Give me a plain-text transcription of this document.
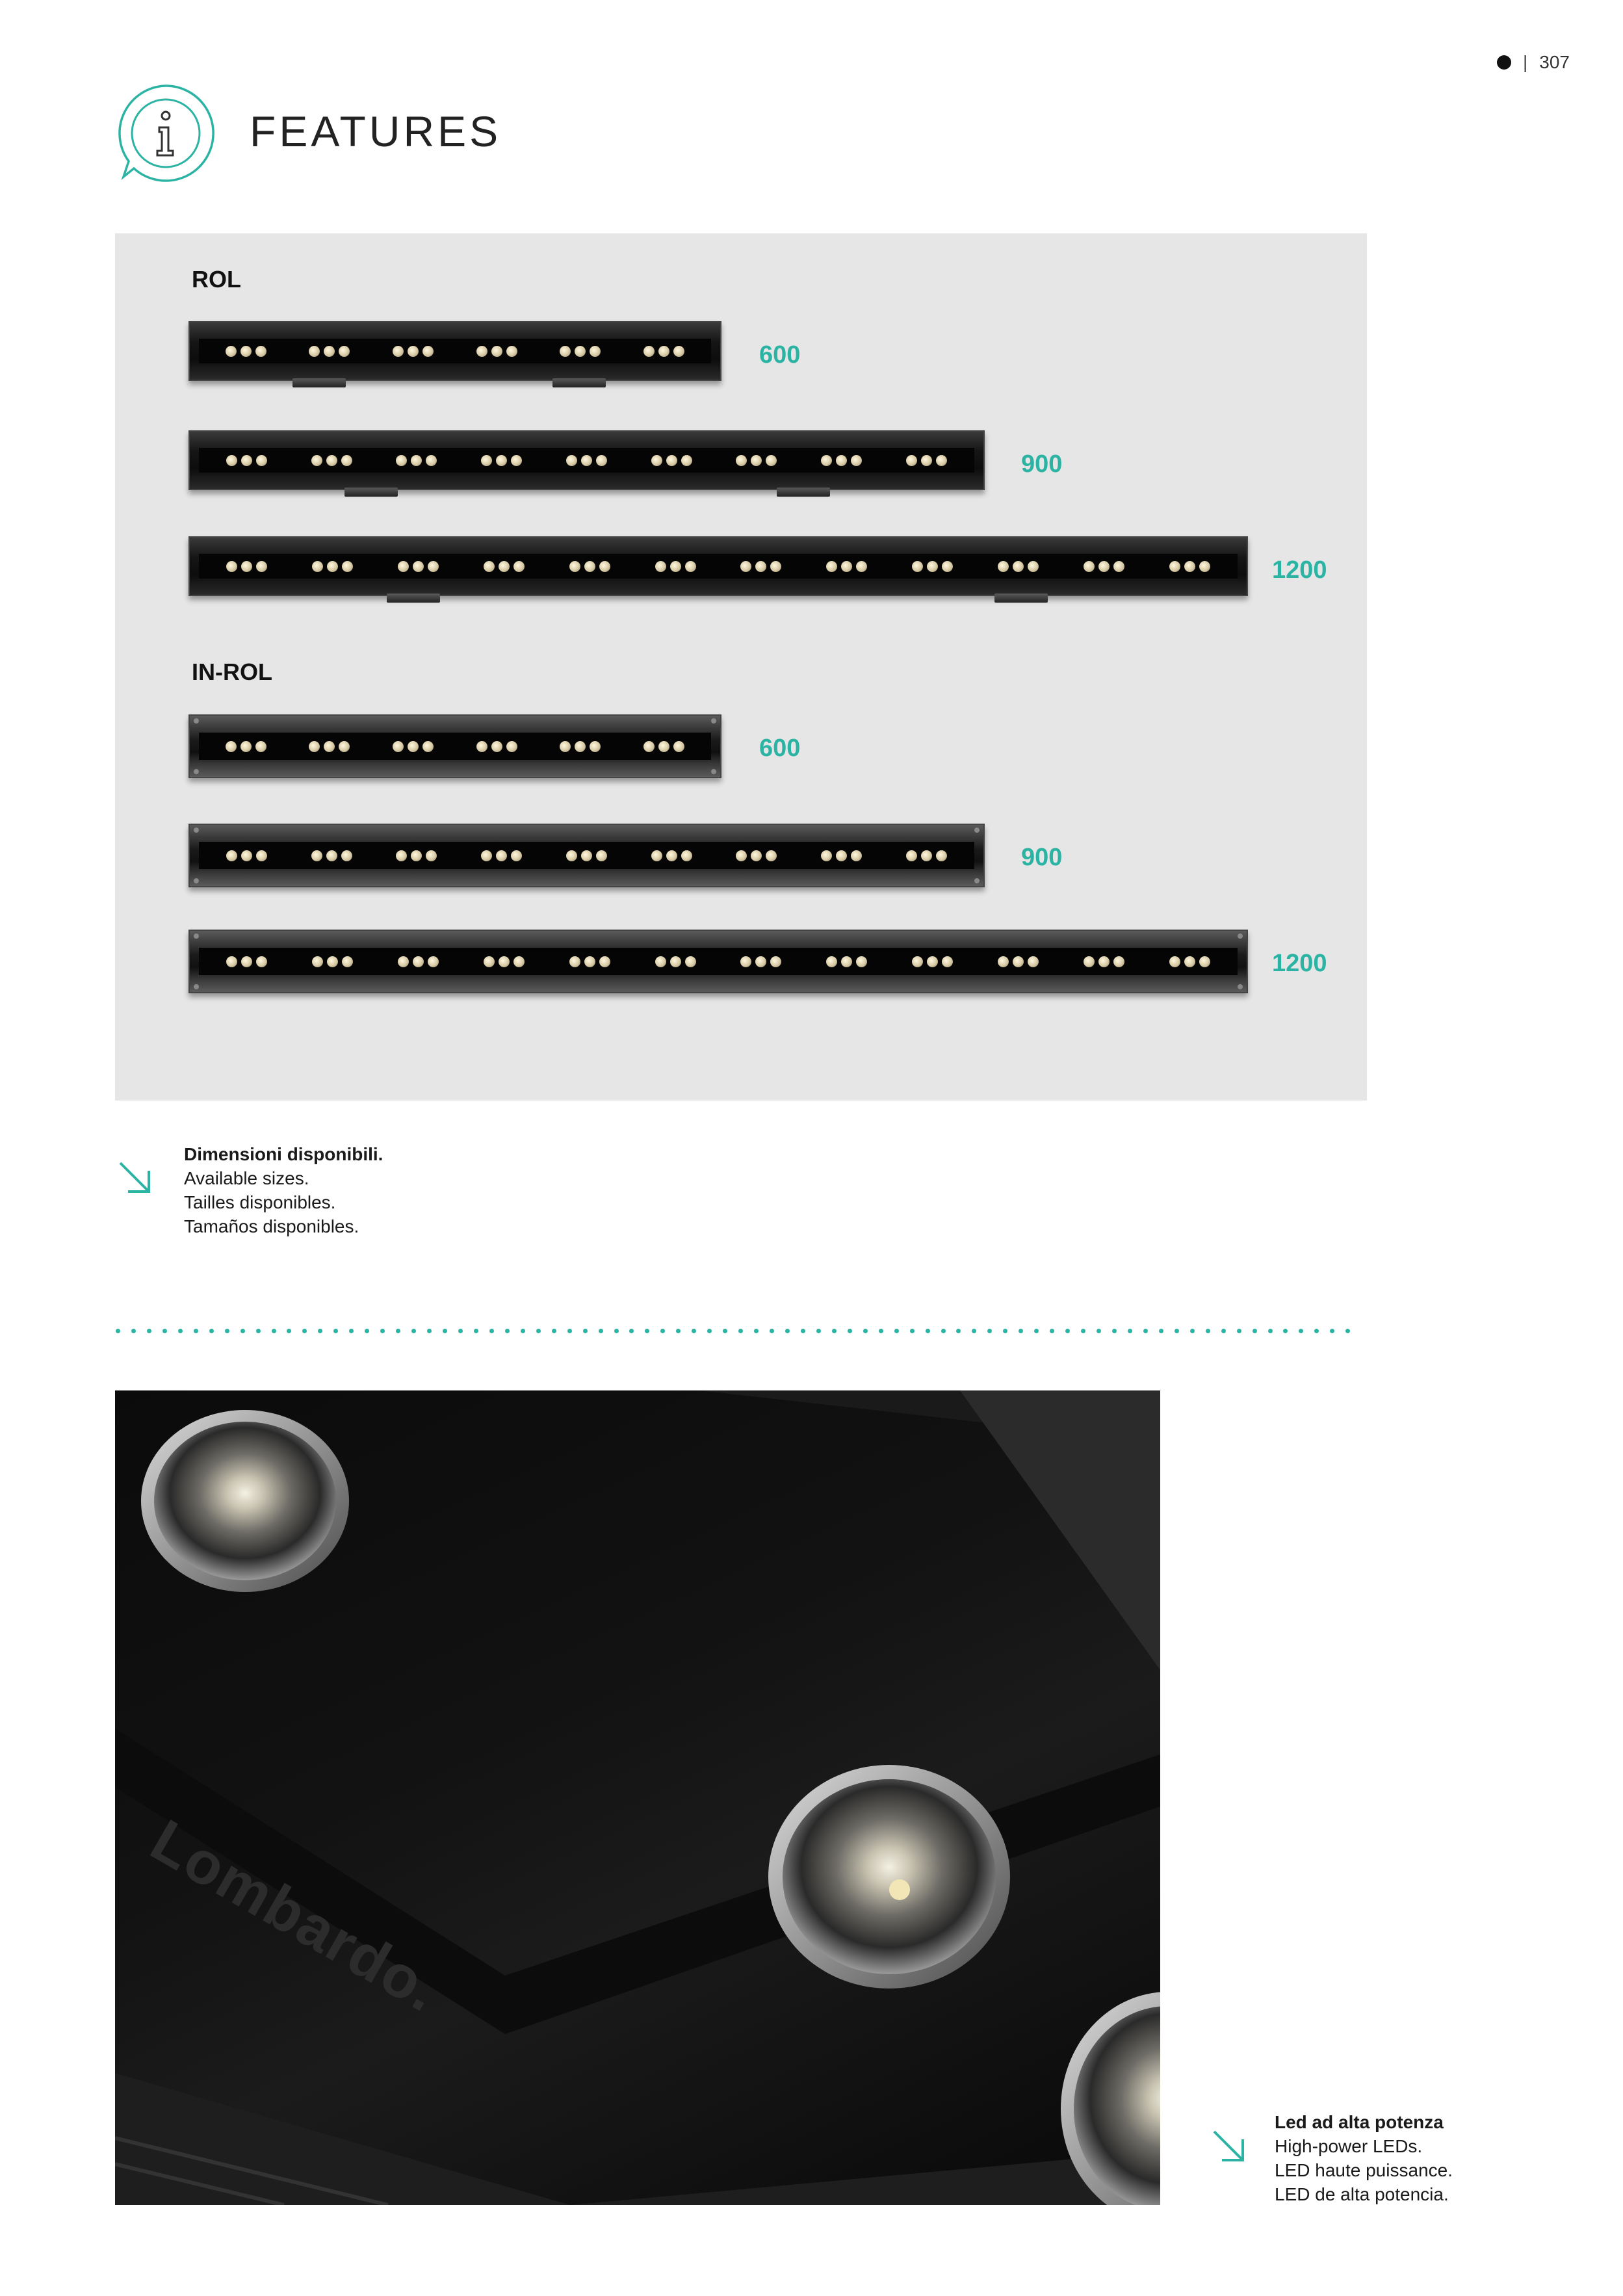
| 307
FEATURES
ROL
IN-ROL
600
900
1200
600
900
1200
Dimensioni disponibili.
Available sizes.
Tailles disponibles.
Tamaños disponibles.
Lombardo.
Led ad alta potenza
High-power LEDs.
LED haute puissance.
LED de alta potencia.
